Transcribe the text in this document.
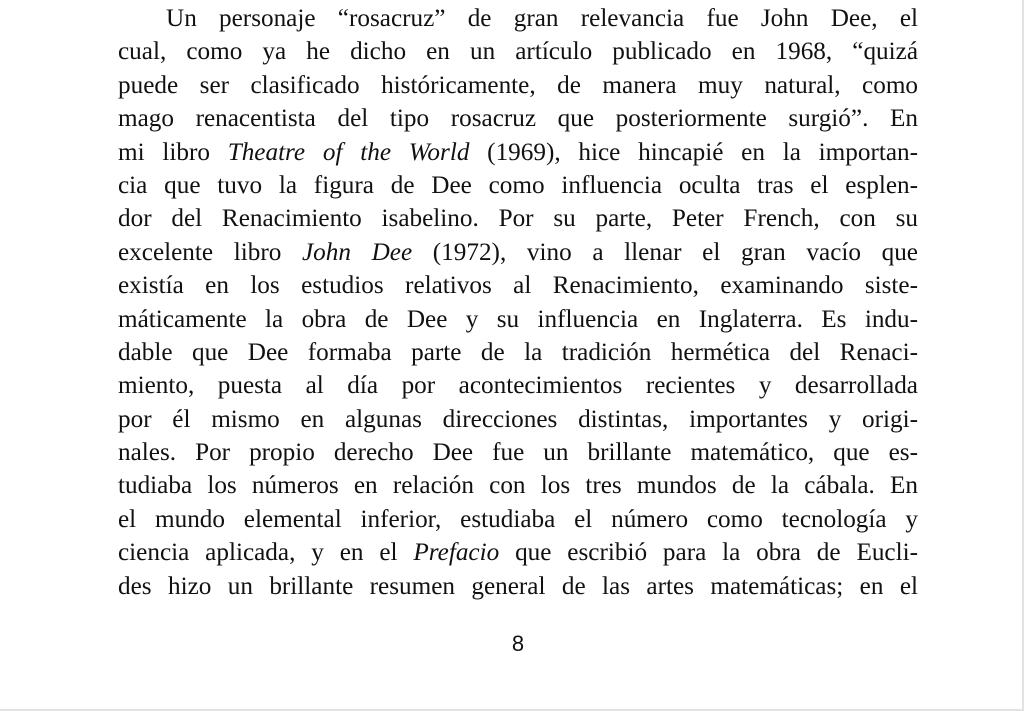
Un personaje “rosacruz” de gran relevancia fue John Dee, el
cual, como ya he dicho en un artículo publicado en 1968, “quizá
puede ser clasificado históricamente, de manera muy natural, como
mago renacentista del tipo rosacruz que posteriormente surgió”. En
mi libro Theatre of the World (1969), hice hincapié en la importan-
cia que tuvo la figura de Dee como influencia oculta tras el esplen-
dor del Renacimiento isabelino. Por su parte, Peter French, con su
excelente libro John Dee (1972), vino a llenar el gran vacío que
existía en los estudios relativos al Renacimiento, examinando siste-
máticamente la obra de Dee y su influencia en Inglaterra. Es indu-
dable que Dee formaba parte de la tradición hermética del Renaci-
miento, puesta al día por acontecimientos recientes y desarrollada
por él mismo en algunas direcciones distintas, importantes y origi-
nales. Por propio derecho Dee fue un brillante matemático, que es-
tudiaba los números en relación con los tres mundos de la cábala. En
el mundo elemental inferior, estudiaba el número como tecnología y
ciencia aplicada, y en el Prefacio que escribió para la obra de Eucli-
des hizo un brillante resumen general de las artes matemáticas; en el
8
